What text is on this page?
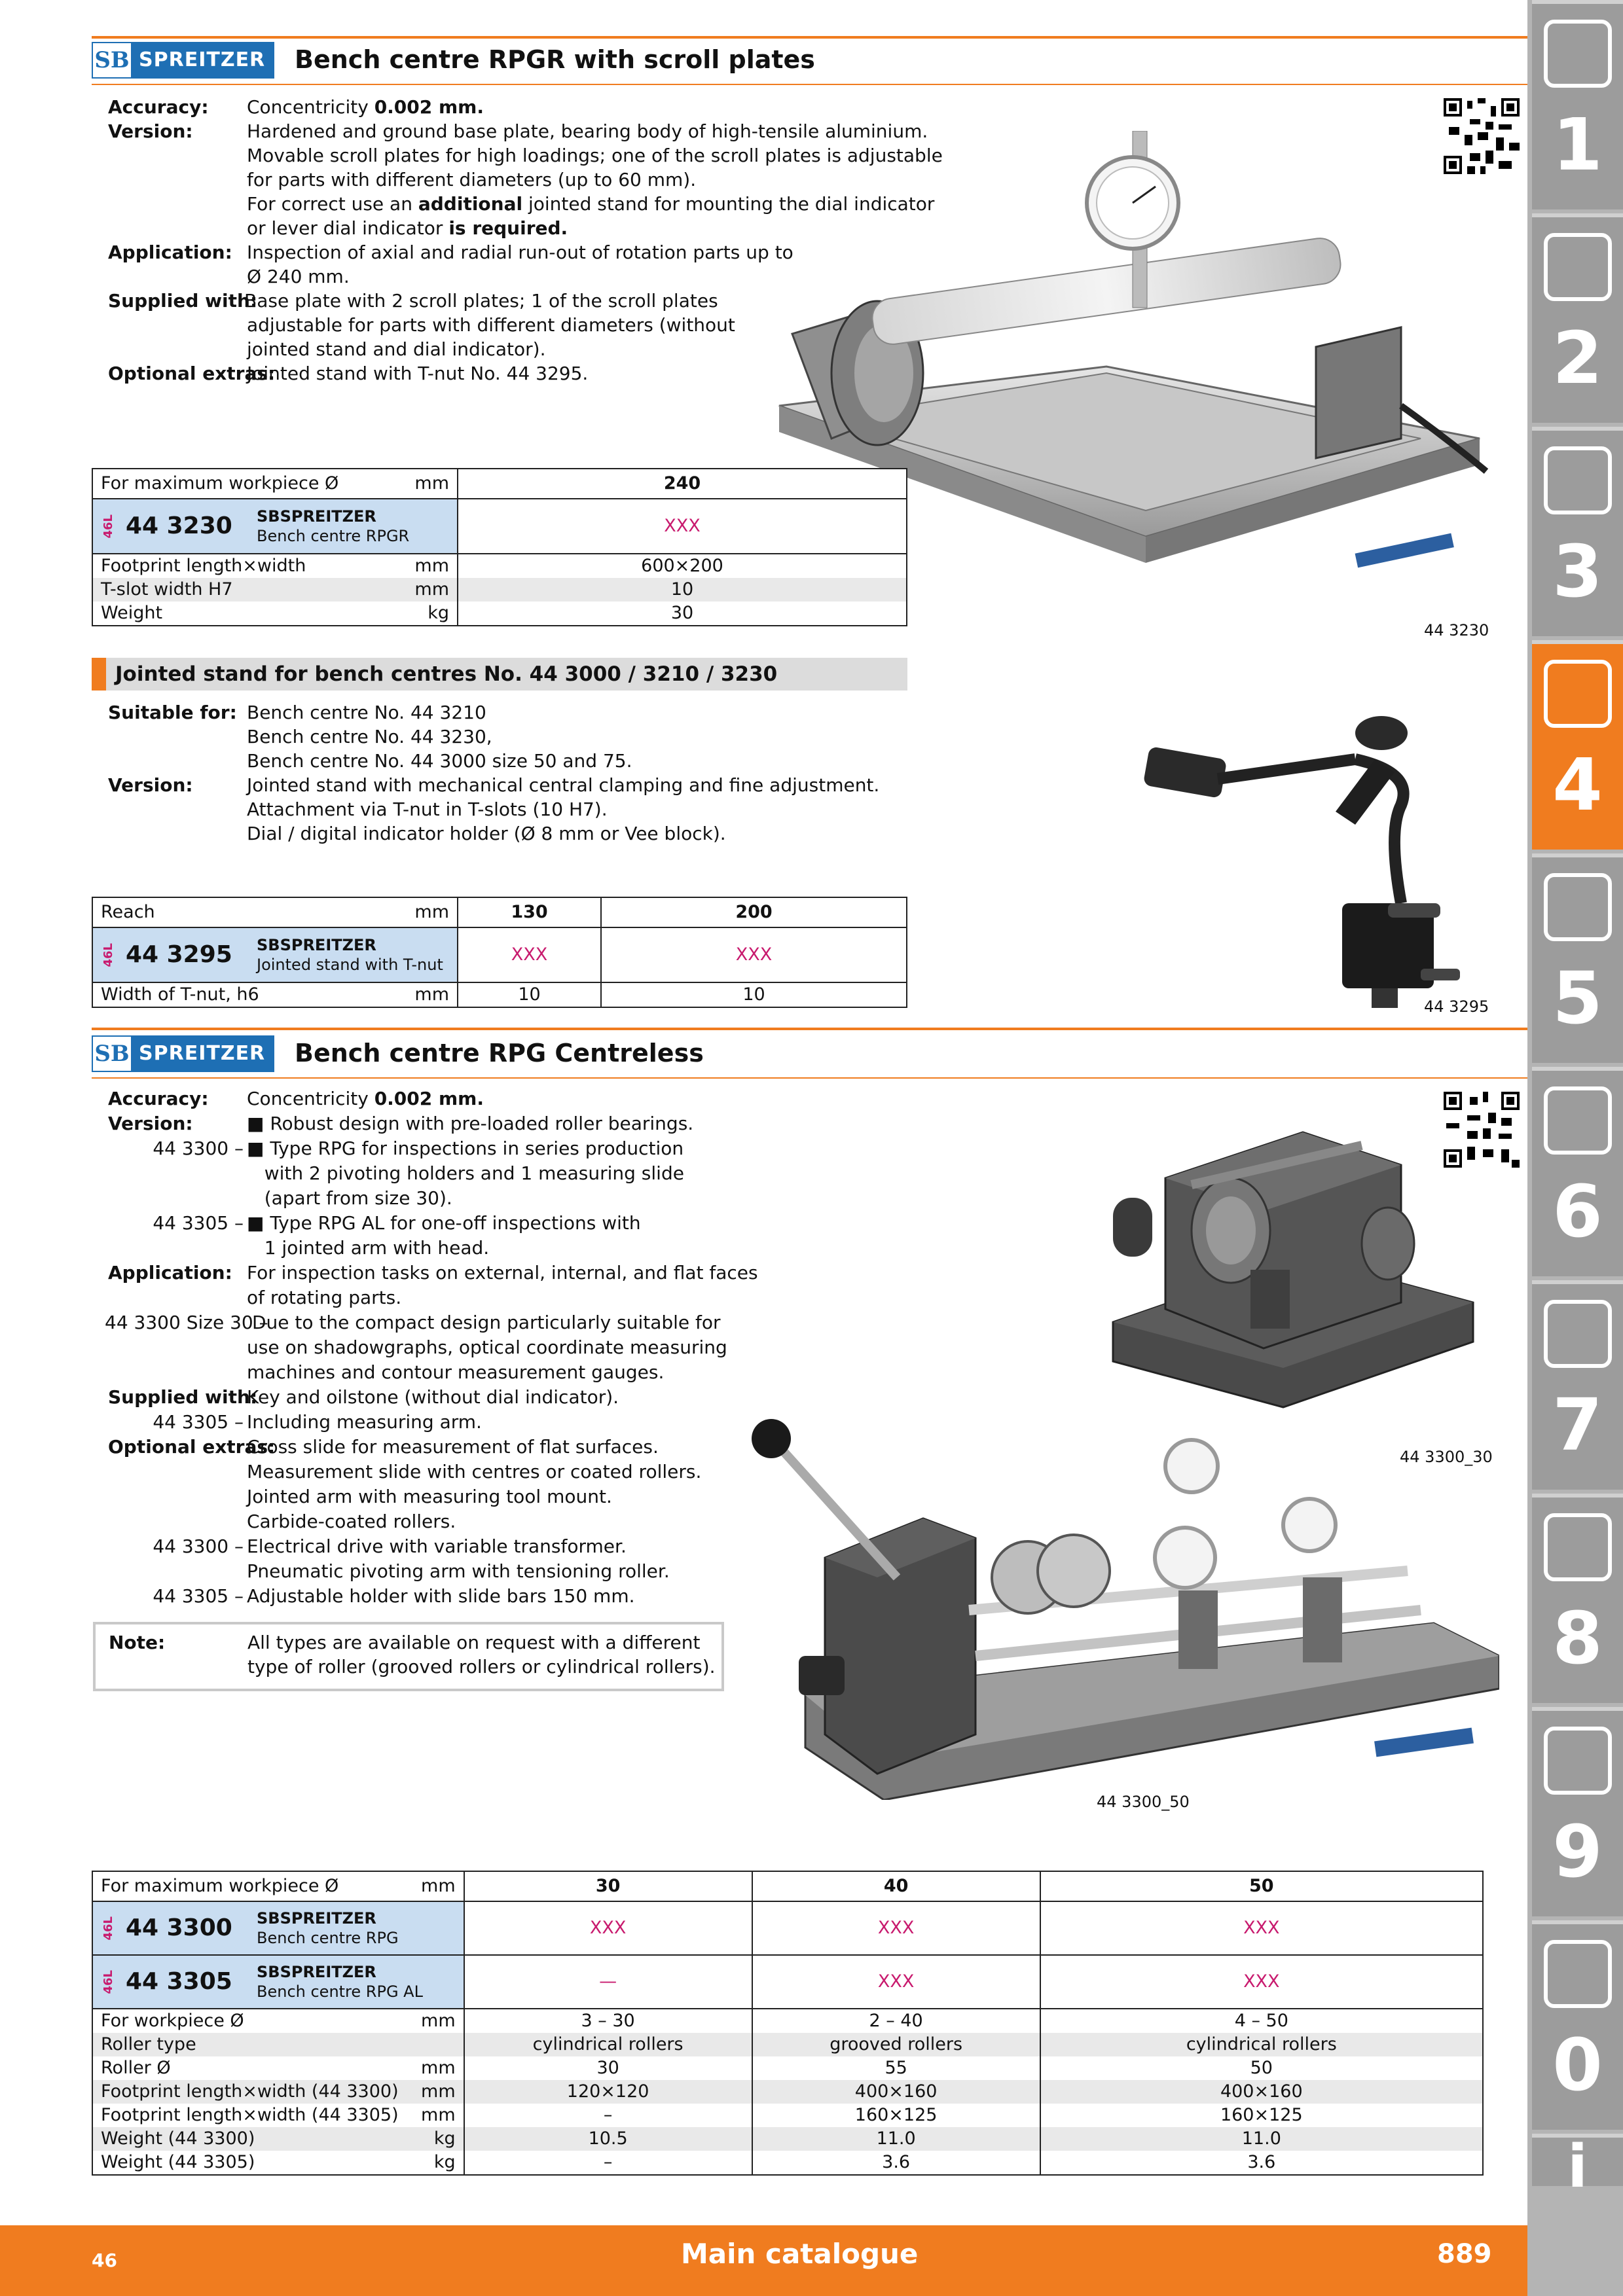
SB SPREITZER	Bench centre RPGR with scroll plates
Accuracy: Concentricity 0.002 mm.
Version:	Hardened and ground base plate, bearing body of high-tensile aluminium.
Movable scroll plates for high loadings; one of the scroll plates is adjustable
for parts with different diameters (up to 60 mm).
For correct use an additional jointed stand for mounting the dial indicator
or lever dial indicator is required.
Application: Inspection of axial and radial run-out of rotation parts up to
Ø 240 mm.
Supplied with:
Base plate with 2 scroll plates; 1 of the scroll plates
adjustable for parts with different diameters (without
jointed stand and dial indicator).
Optional extras:
Jointed stand with T-nut No. 44 3295.
For maximum workpiece Ø	mm	240

46L 44 3230 SBSPREITZER
Bench centre RPGR		XXX
Footprint length×width	mm	600×200
T-slot width H7	mm	10
Weight	kg	30
44 3230
Jointed stand for bench centres No. 44 3000 / 3210 / 3230
Suitable for: Bench centre No. 44 3210
Bench centre No. 44 3230,
Bench centre No. 44 3000 size 50 and 75.
Version:	Jointed stand with mechanical central clamping and fine adjustment.
Attachment via T-nut in T-slots (10 H7).
Dial / digital indicator holder (Ø 8 mm or Vee block).
Reach	mm	130	200

46L 44 3295 SBSPREITZER
Jointed stand with T-nut		XXX	XXX
Width of T-nut, h6	mm	10	10
44 3295
SB SPREITZER	Bench centre RPG Centreless
Accuracy: Concentricity 0.002 mm.
Version:	■ Robust design with pre-loaded roller bearings.
44 3300 – ■ Type RPG for inspections in series production
with 2 pivoting holders and 1 measuring slide
(apart from size 30).
44 3305 – ■ Type RPG AL for one-off inspections with
1 jointed arm with head.
Application: For inspection tasks on external, internal, and flat faces
of rotating parts.
44 3300 Size 30 –
Due to the compact design particularly suitable for
use on shadowgraphs, optical coordinate measuring
machines and contour measurement gauges.
Supplied with:
Key and oilstone (without dial indicator).
44 3305 – Including measuring arm.
Optional extras:
Cross slide for measurement of flat surfaces.
Measurement slide with centres or coated rollers.
Jointed arm with measuring tool mount.
Carbide-coated rollers.
44 3300 – Electrical drive with variable transformer.
Pneumatic pivoting arm with tensioning roller.
44 3305 – Adjustable holder with slide bars 150 mm.
44 3300_30
44 3300_50
Note:	All types are available on request with a different
type of roller (grooved rollers or cylindrical rollers).
For maximum workpiece Ø	mm	30	40	50

46L 44 3300 SBSPREITZER
Bench centre RPG		XXX	XXX	XXX

46L 44 3305 SBSPREITZER
Bench centre RPG AL		—	XXX	XXX
For workpiece Ø	mm	3 – 30	2 – 40	4 – 50
Roller type		cylindrical rollers	grooved rollers	cylindrical rollers
Roller Ø	mm	30	55	50
Footprint length×width (44 3300)	mm	120×120	400×160	400×160
Footprint length×width (44 3305)	mm	–	160×125	160×125
Weight (44 3300)	kg	10.5	11.0	11.0
Weight (44 3305)	kg	–	3.6	3.6
1
2
3
4
5
6
7
8
9
0
i
46	Main catalogue	889
